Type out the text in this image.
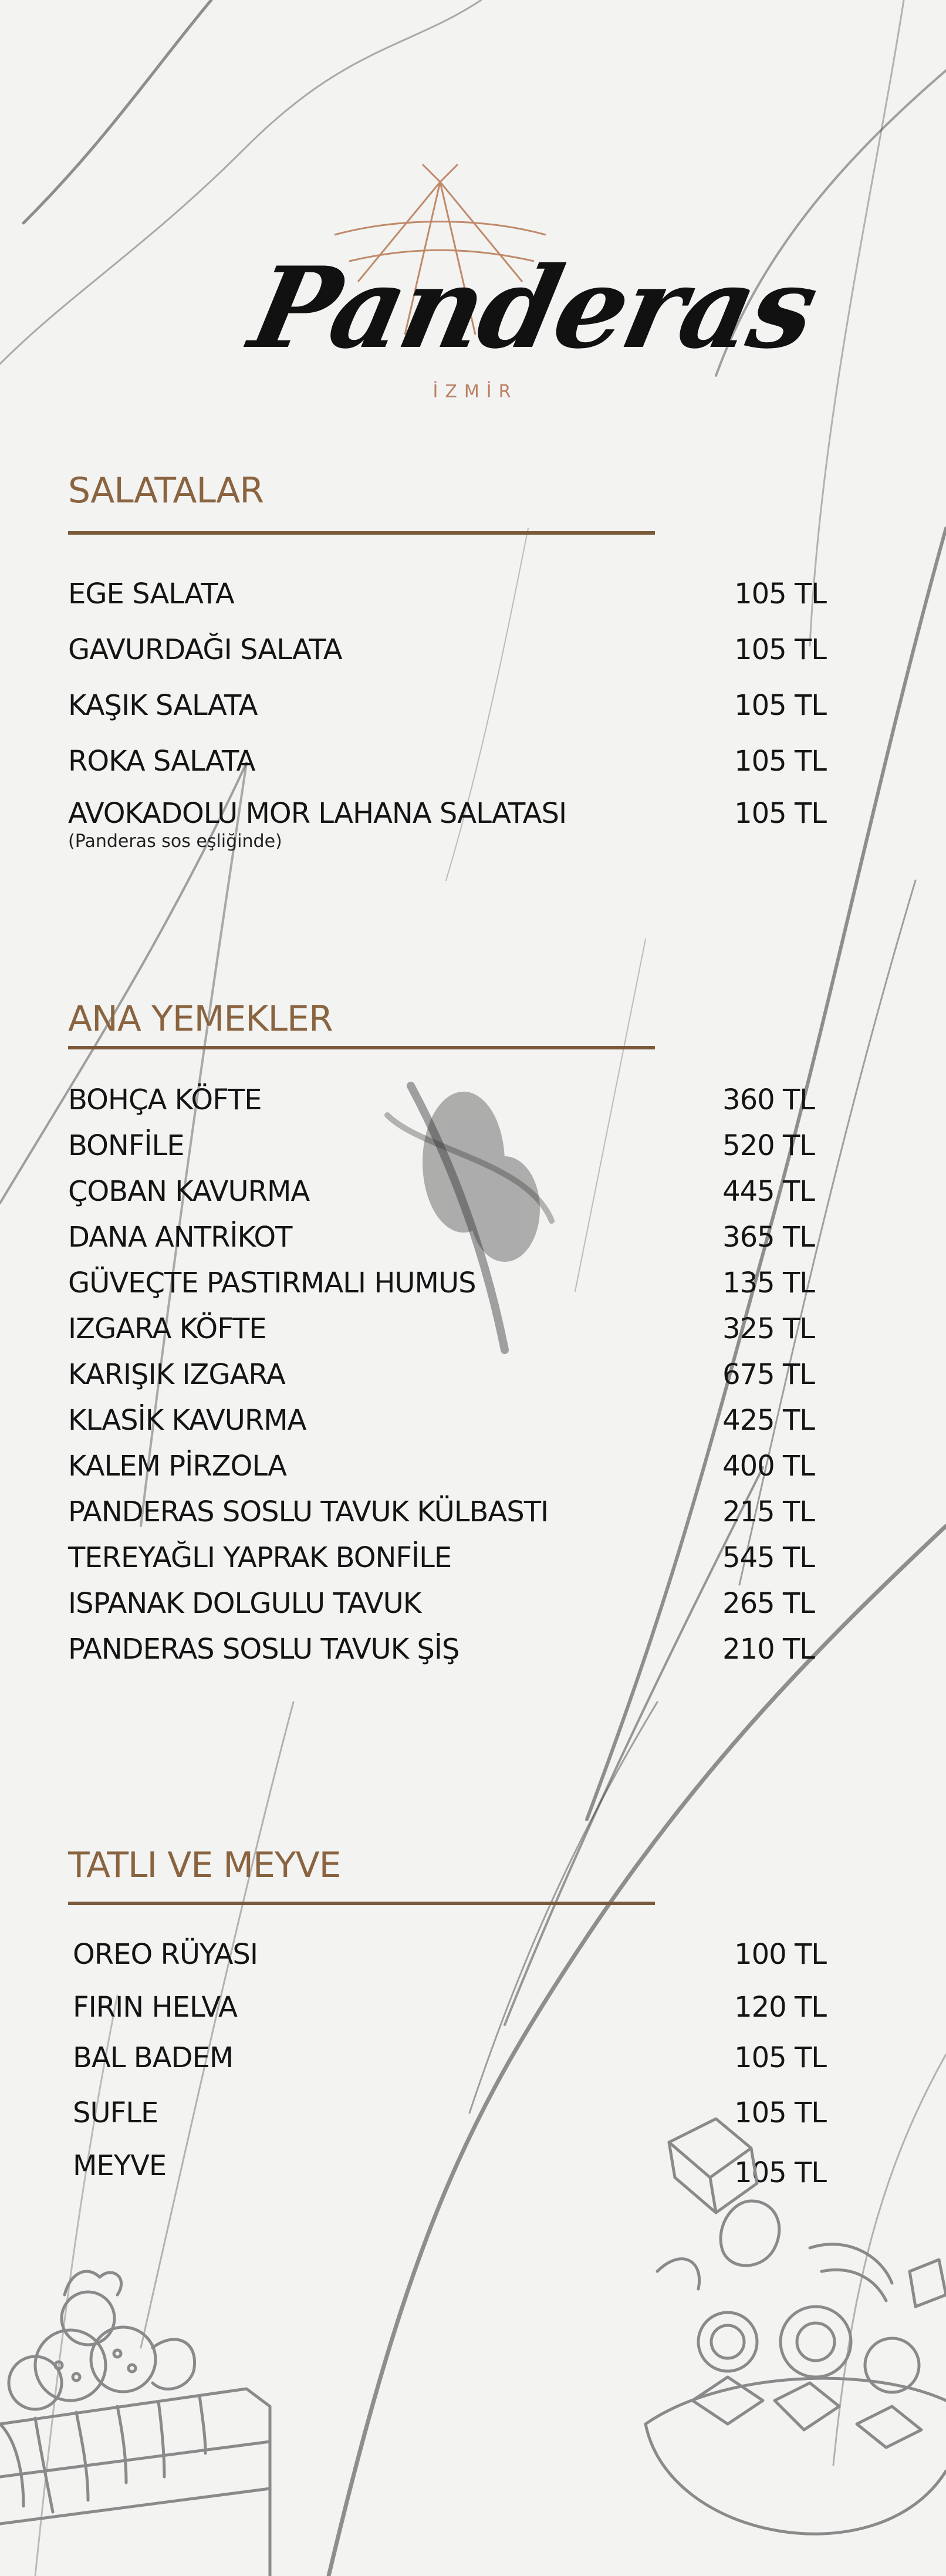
Panderas
İZMİR
SALATALAR
EGE SALATA	105 TL
GAVURDAĞI SALATA	105 TL
KAŞIK SALATA	105 TL
ROKA SALATA	105 TL
AVOKADOLU MOR LAHANA SALATASI	105 TL
(Panderas sos eşliğinde)
ANA YEMEKLER
BOHÇA KÖFTE	360 TL
BONFİLE	520 TL
ÇOBAN KAVURMA	445 TL
DANA ANTRİKOT	365 TL
GÜVEÇTE PASTIRMALI HUMUS	135 TL
IZGARA KÖFTE	325 TL
KARIŞIK IZGARA	675 TL
KLASİK KAVURMA	425 TL
KALEM PİRZOLA	400 TL
PANDERAS SOSLU TAVUK KÜLBASTI	215 TL
TEREYAĞLI YAPRAK BONFİLE	545 TL
ISPANAK DOLGULU TAVUK	265 TL
PANDERAS SOSLU TAVUK ŞİŞ	210 TL
TATLI VE MEYVE
OREO RÜYASI	100 TL
FIRIN HELVA	120 TL
BAL BADEM	105 TL
SUFLE	105 TL
MEYVE	105 TL
